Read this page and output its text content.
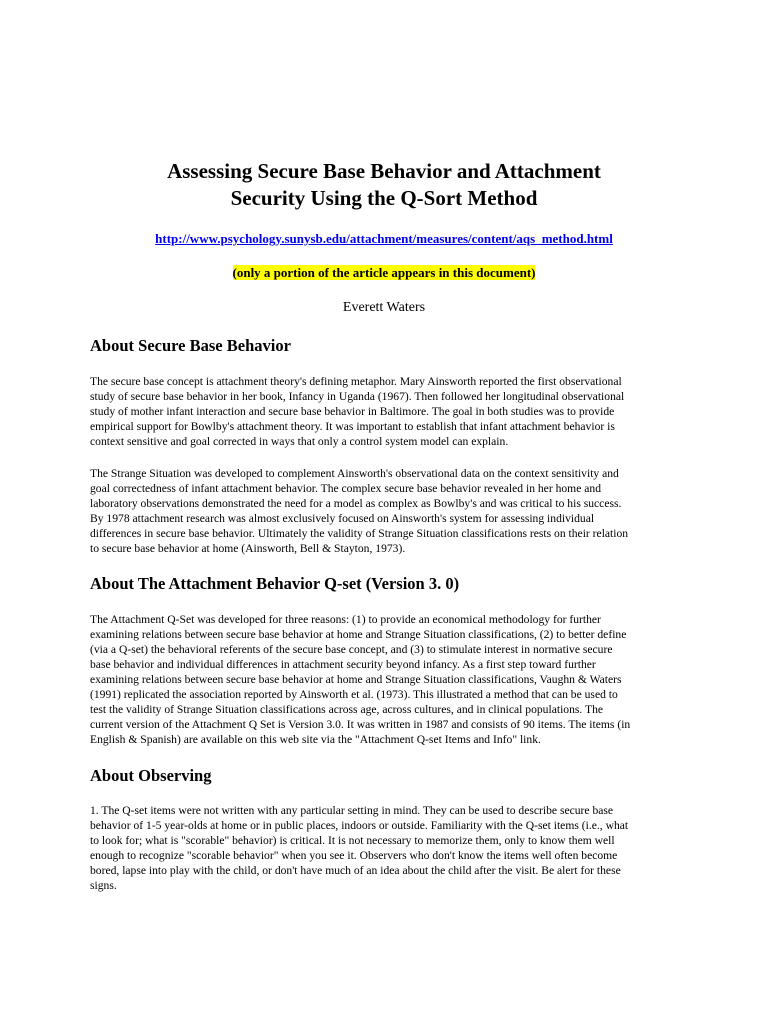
Assessing Secure Base Behavior and Attachment
Security Using the Q-Sort Method
http://www.psychology.sunysb.edu/attachment/measures/content/aqs_method.html
(only a portion of the article appears in this document)
Everett Waters
About Secure Base Behavior

The secure base concept is attachment theory's defining metaphor. Mary Ainsworth reported the first observational
study of secure base behavior in her book, Infancy in Uganda (1967). Then followed her longitudinal observational
study of mother infant interaction and secure base behavior in Baltimore. The goal in both studies was to provide
empirical support for Bowlby's attachment theory. It was important to establish that infant attachment behavior is
context sensitive and goal corrected in ways that only a control system model can explain.

The Strange Situation was developed to complement Ainsworth's observational data on the context sensitivity and
goal correctedness of infant attachment behavior. The complex secure base behavior revealed in her home and
laboratory observations demonstrated the need for a model as complex as Bowlby's and was critical to his success.
By 1978 attachment research was almost exclusively focused on Ainsworth's system for assessing individual
differences in secure base behavior. Ultimately the validity of Strange Situation classifications rests on their relation
to secure base behavior at home (Ainsworth, Bell & Stayton, 1973).

About The Attachment Behavior Q-set (Version 3. 0)

The Attachment Q-Set was developed for three reasons: (1) to provide an economical methodology for further
examining relations between secure base behavior at home and Strange Situation classifications, (2) to better define
(via a Q-set) the behavioral referents of the secure base concept, and (3) to stimulate interest in normative secure
base behavior and individual differences in attachment security beyond infancy. As a first step toward further
examining relations between secure base behavior at home and Strange Situation classifications, Vaughn & Waters
(1991) replicated the association reported by Ainsworth et al. (1973). This illustrated a method that can be used to
test the validity of Strange Situation classifications across age, across cultures, and in clinical populations. The
current version of the Attachment Q Set is Version 3.0. It was written in 1987 and consists of 90 items. The items (in
English & Spanish) are available on this web site via the "Attachment Q-set Items and Info" link.

About Observing

1. The Q-set items were not written with any particular setting in mind. They can be used to describe secure base
behavior of 1-5 year-olds at home or in public places, indoors or outside. Familiarity with the Q-set items (i.e., what
to look for; what is "scorable" behavior) is critical. It is not necessary to memorize them, only to know them well
enough to recognize "scorable behavior" when you see it. Observers who don't know the items well often become
bored, lapse into play with the child, or don't have much of an idea about the child after the visit. Be alert for these
signs.
